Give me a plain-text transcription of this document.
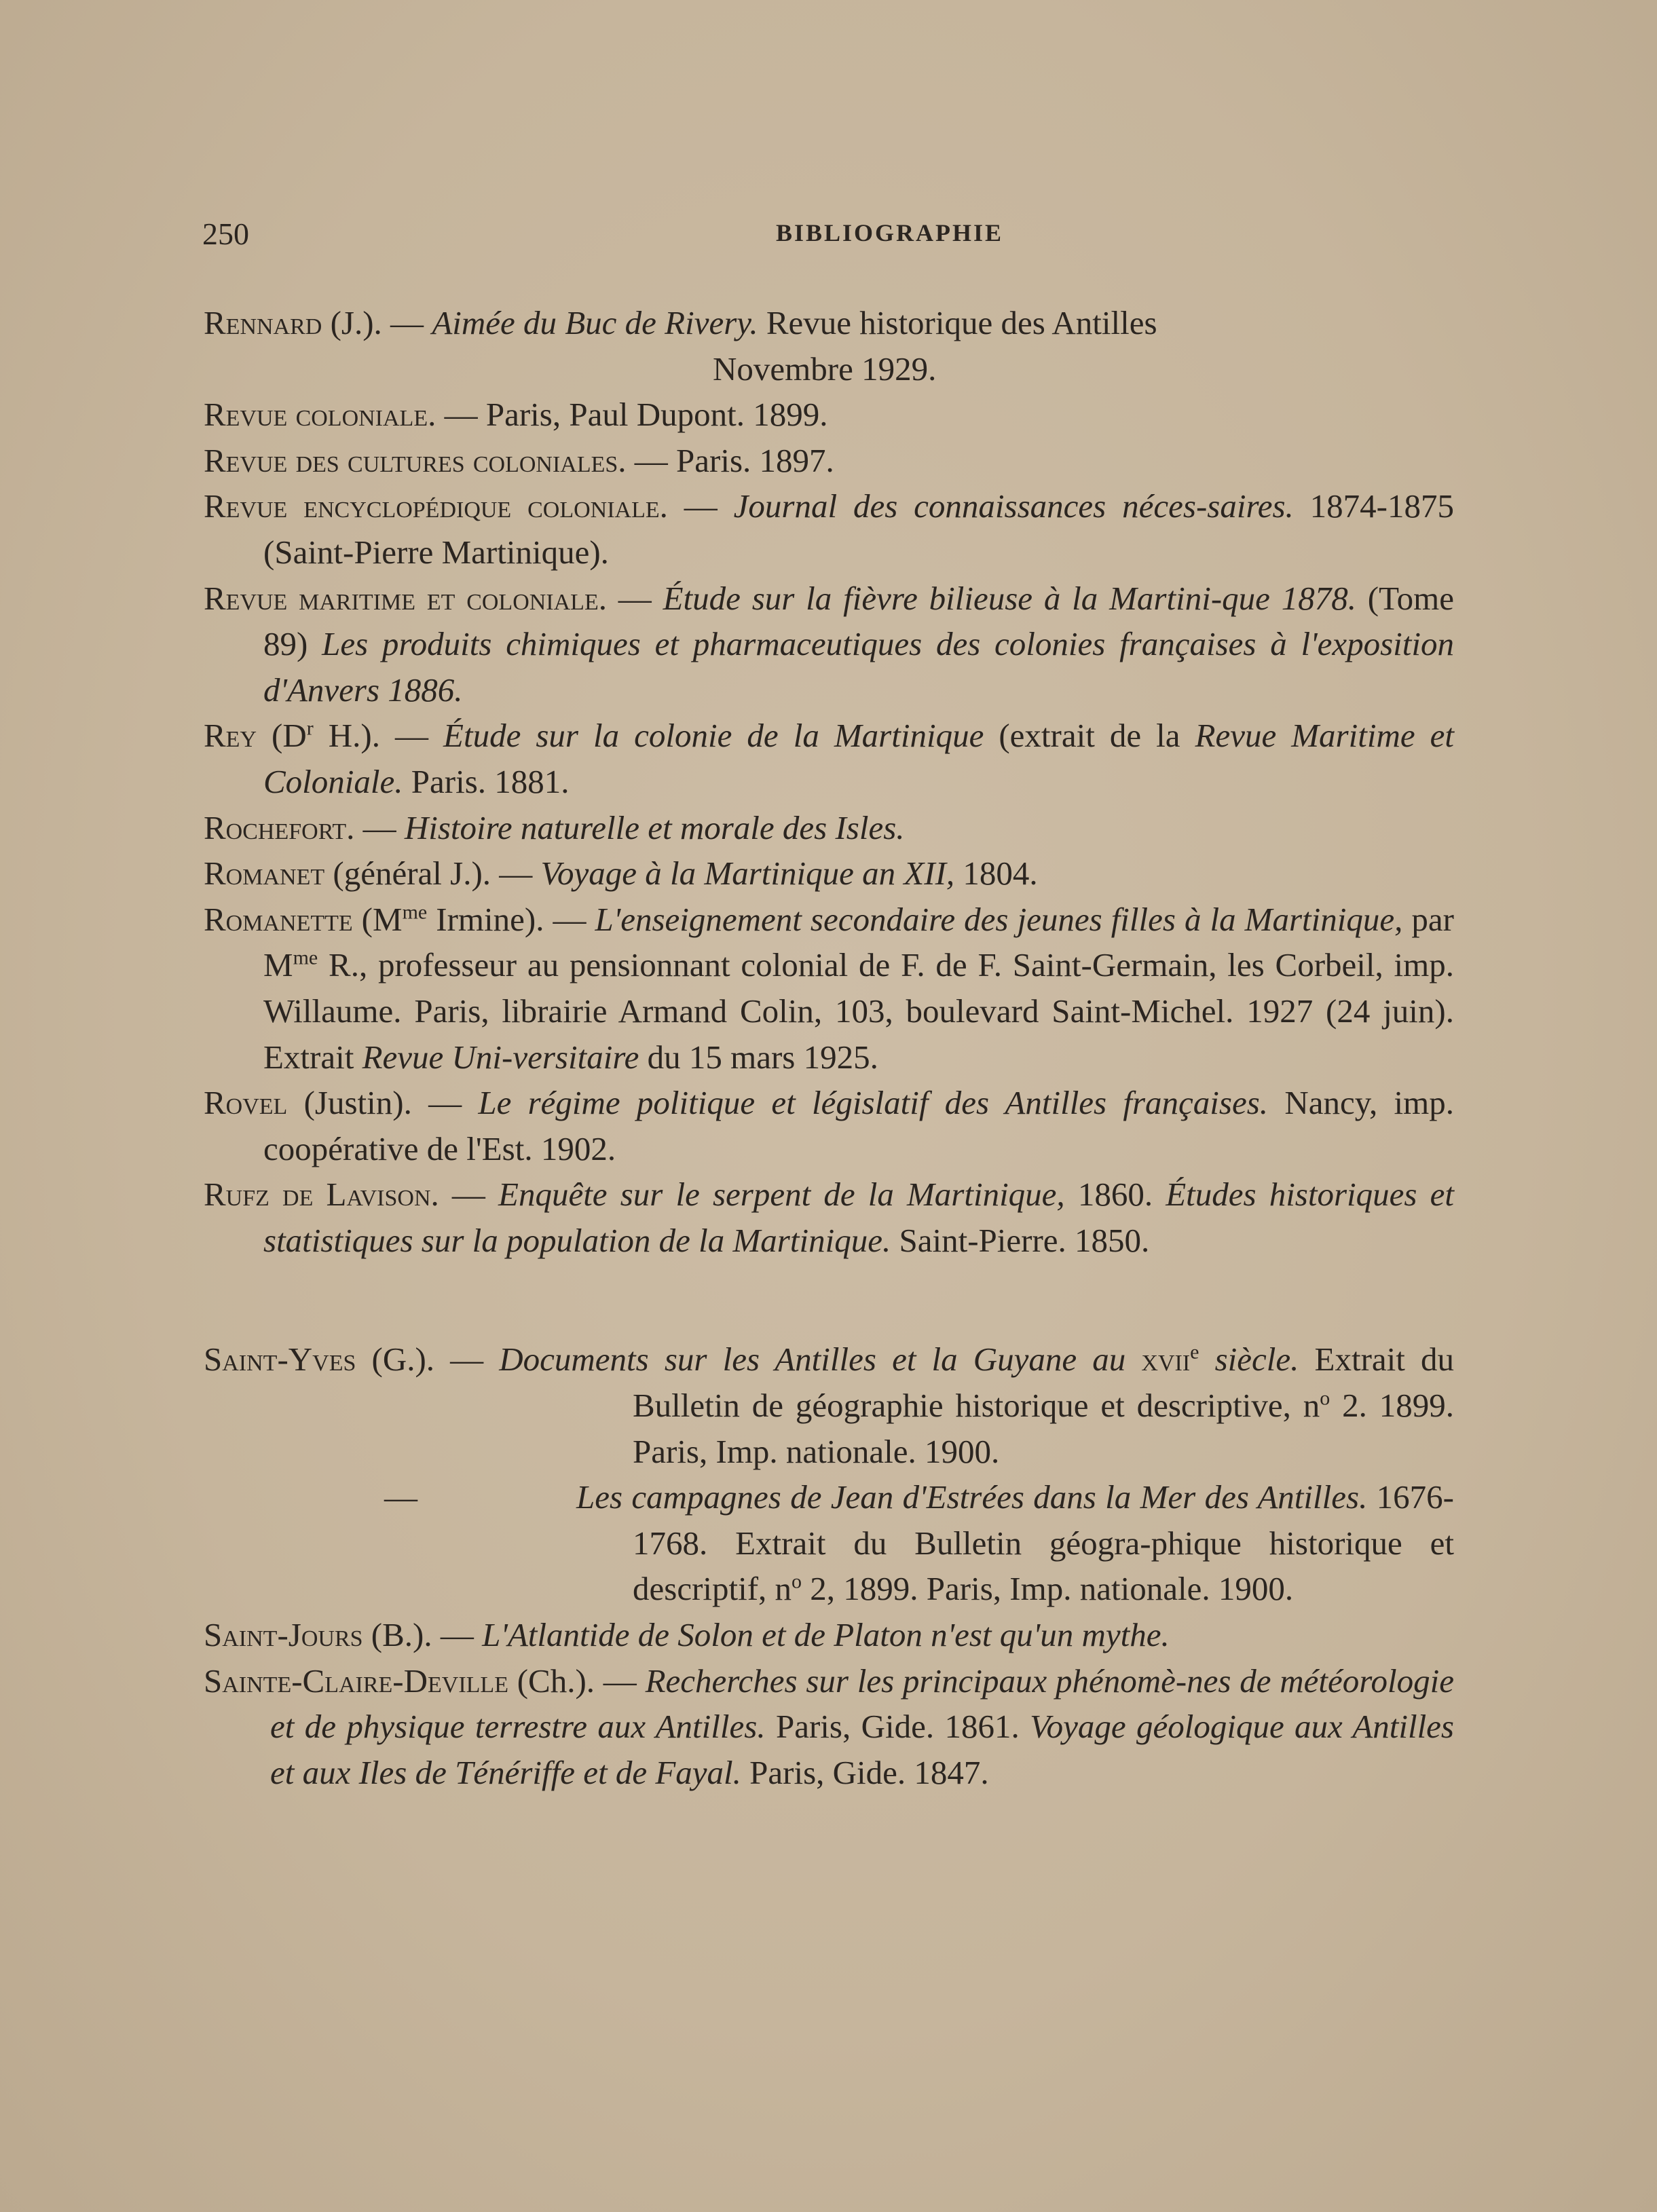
250	BIBLIOGRAPHIE
Rennard (J.). — Aimée du Buc de Rivery. Revue historique des Antilles
Novembre 1929.
Revue coloniale. — Paris, Paul Dupont. 1899.
Revue des cultures coloniales. — Paris. 1897.
Revue encyclopédique coloniale. — Journal des connaissances néces-saires. 1874-1875 (Saint-Pierre Martinique).
Revue maritime et coloniale. — Étude sur la fièvre bilieuse à la Martini-que 1878. (Tome 89) Les produits chimiques et pharmaceutiques des colonies françaises à l'exposition d'Anvers 1886.
Rey ($D^r$ H.). — Étude sur la colonie de la Martinique (extrait de la Revue Maritime et Coloniale. Paris. 1881.
Rochefort. — Histoire naturelle et morale des Isles.
Romanet (général J.). — Voyage à la Martinique an XII, 1804.
Romanette ($M^{me}$ Irmine). — L'enseignement secondaire des jeunes filles à la Martinique, par $M^{me}$ R., professeur au pensionnant colonial de F. de F. Saint-Germain, les Corbeil, imp. Willaume. Paris, librairie Armand Colin, 103, boulevard Saint-Michel. 1927 (24 juin). Extrait Revue Uni-versitaire du 15 mars 1925.
Rovel (Justin). — Le régime politique et législatif des Antilles françaises. Nancy, imp. coopérative de l'Est. 1902.
Rufz de Lavison. — Enquête sur le serpent de la Martinique, 1860. Études historiques et statistiques sur la population de la Martinique. Saint-Pierre. 1850.
Saint-Yves (G.). — Documents sur les Antilles et la Guyane au xvii$^e$ siècle. Extrait du Bulletin de géographie historique et descriptive, $n^o$ 2. 1899. Paris, Imp. nationale. 1900.
—	Les campagnes de Jean d'Estrées dans la Mer des Antilles. 1676-1768. Extrait du Bulletin géogra-phique historique et descriptif, $n^o$ 2, 1899. Paris, Imp. nationale. 1900.
Saint-Jours (B.). — L'Atlantide de Solon et de Platon n'est qu'un mythe.
Sainte-Claire-Deville (Ch.). — Recherches sur les principaux phénomè-nes de météorologie et de physique terrestre aux Antilles. Paris, Gide. 1861. Voyage géologique aux Antilles et aux Iles de Ténériffe et de Fayal. Paris, Gide. 1847.
